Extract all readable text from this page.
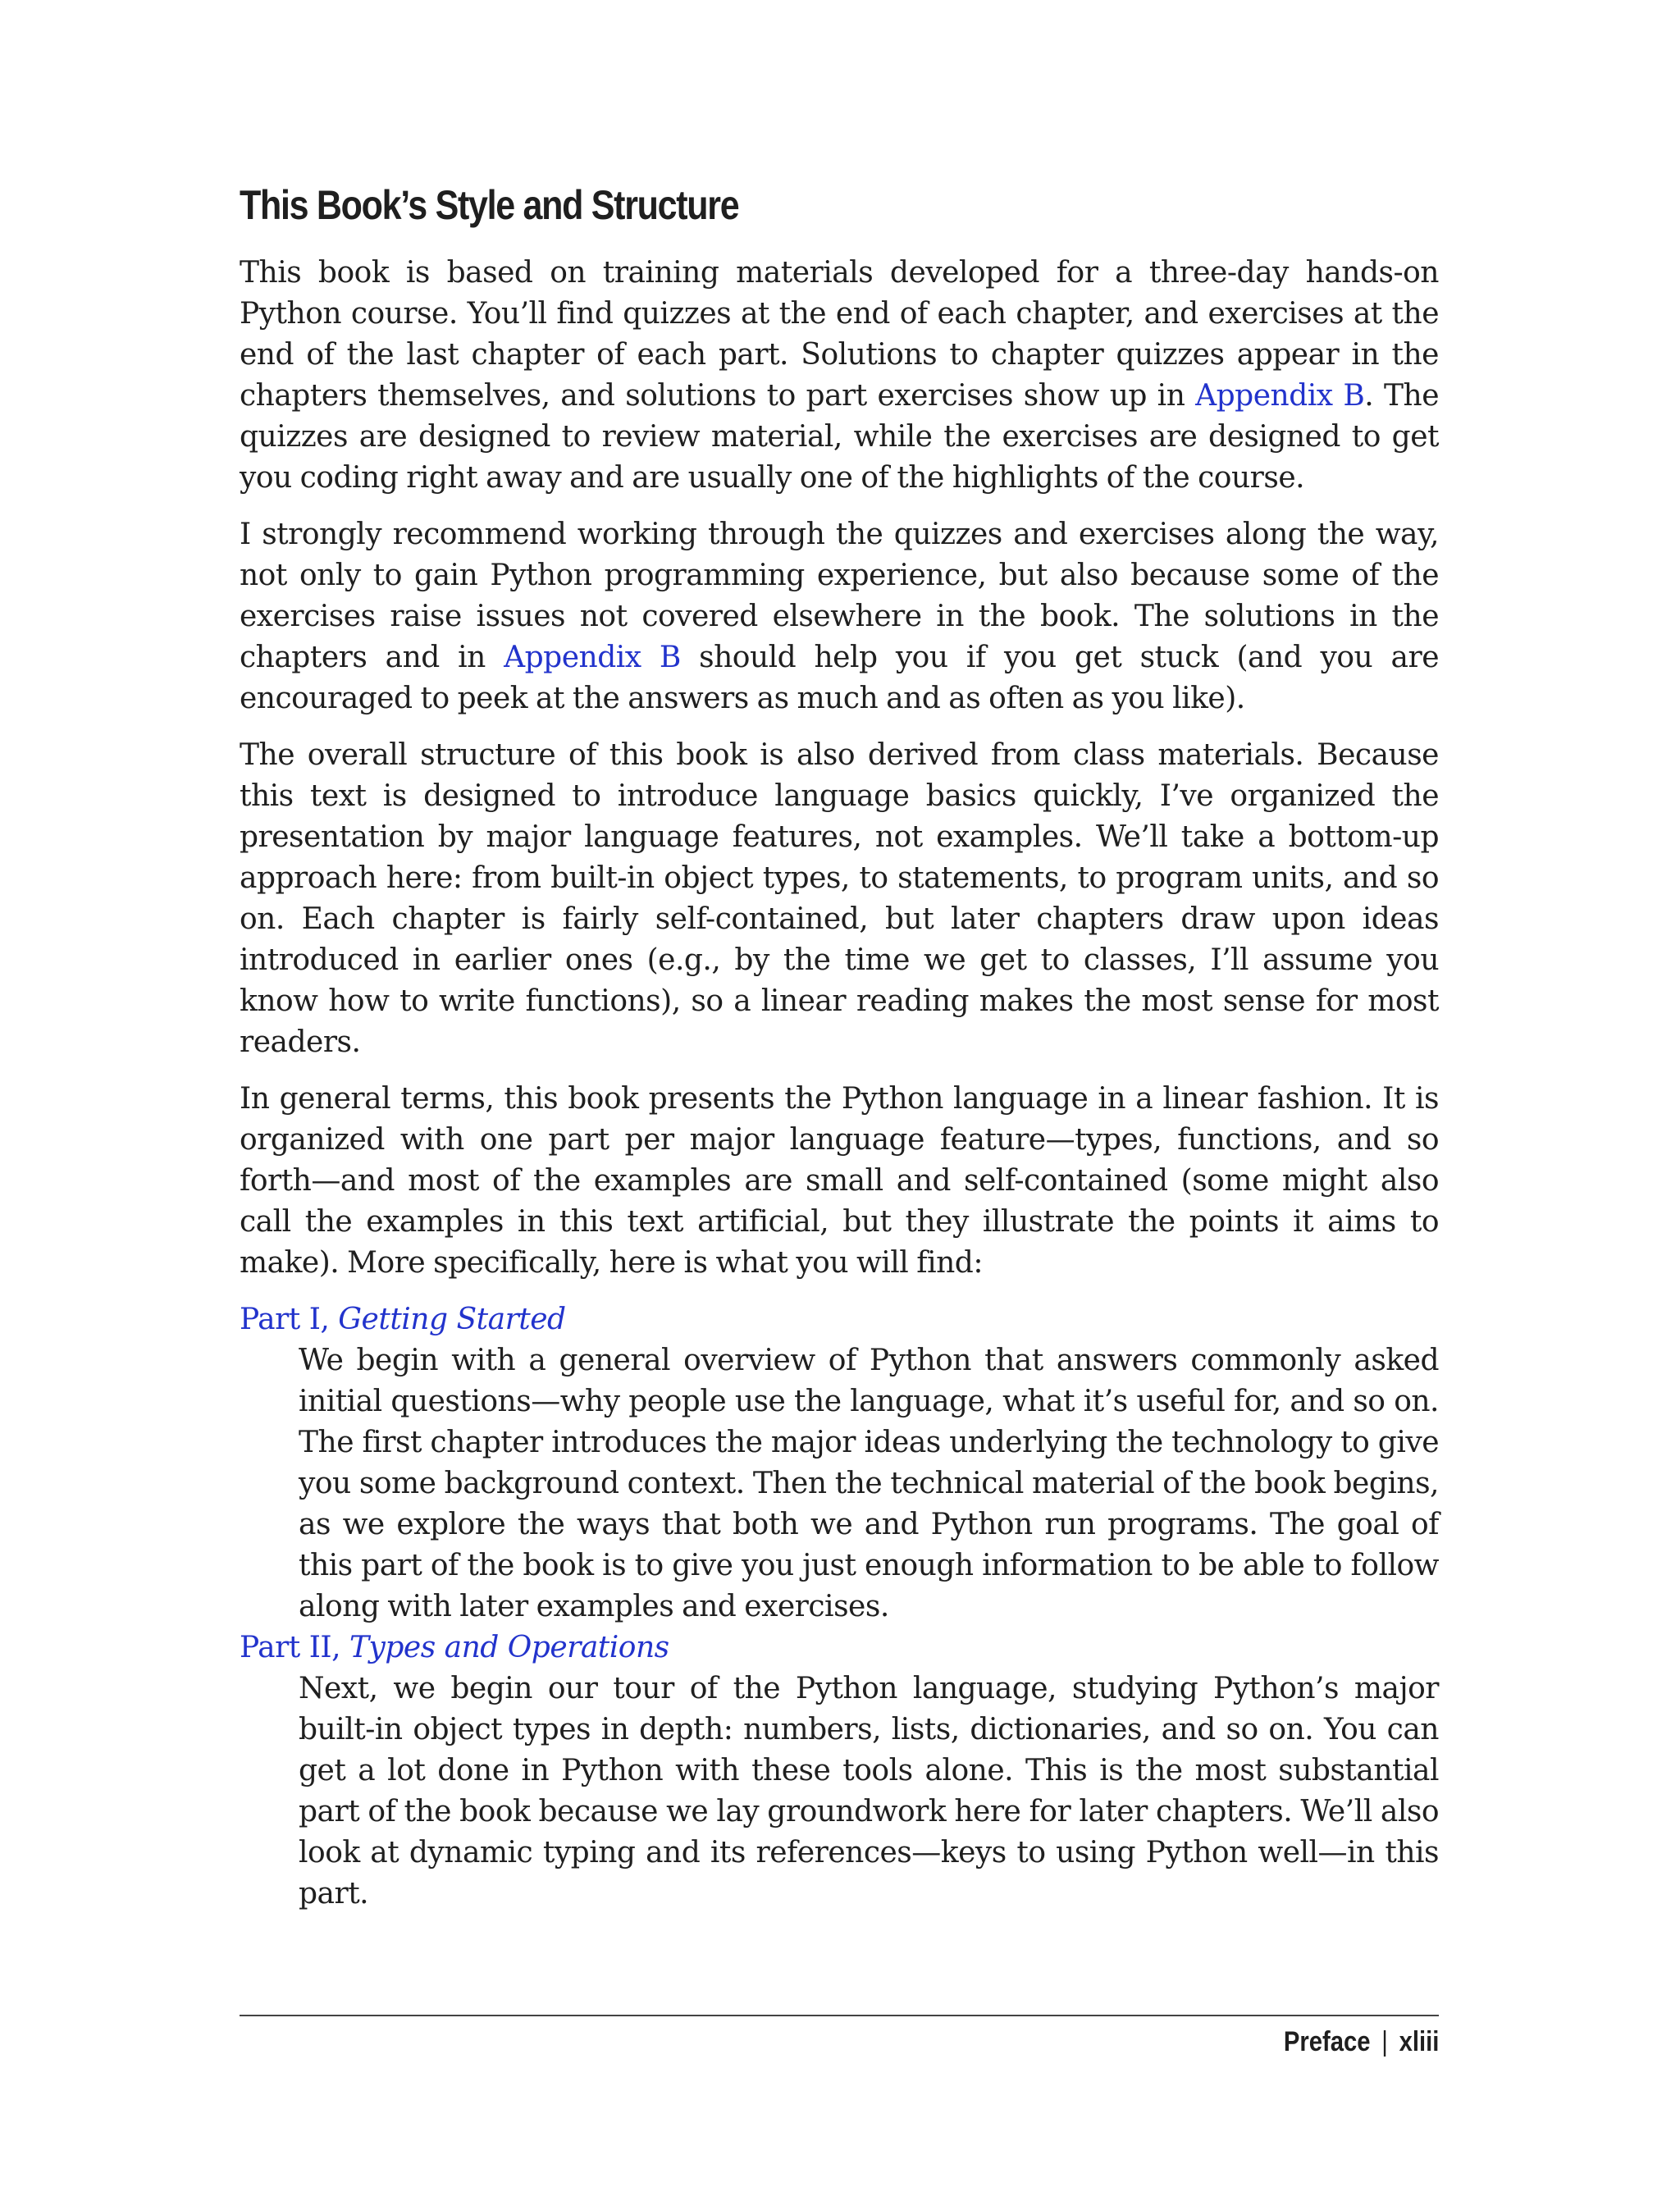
This Book’s Style and Structure

This book is based on training materials developed for a three-day hands-on Python course. You’ll find quizzes at the end of each chapter, and exercises at the end of the last chapter of each part. Solutions to chapter quizzes appear in the chapters themselves, and solutions to part exercises show up in Appendix B. The quizzes are designed to review material, while the exercises are designed to get you coding right away and are usually one of the highlights of the course.

I strongly recommend working through the quizzes and exercises along the way, not only to gain Python programming experience, but also because some of the exercises raise issues not covered elsewhere in the book. The solutions in the chapters and in Appendix B should help you if you get stuck (and you are encouraged to peek at the answers as much and as often as you like).

The overall structure of this book is also derived from class materials. Because this text is designed to introduce language basics quickly, I’ve organized the presentation by major language features, not examples. We’ll take a bottom-up approach here: from built-in object types, to statements, to program units, and so on. Each chapter is fairly self-contained, but later chapters draw upon ideas introduced in earlier ones (e.g., by the time we get to classes, I’ll assume you know how to write functions), so a linear reading makes the most sense for most readers.

In general terms, this book presents the Python language in a linear fashion. It is organized with one part per major language feature—types, functions, and so forth—and most of the examples are small and self-contained (some might also call the examples in this text artificial, but they illustrate the points it aims to make). More specifically, here is what you will find:

Part I, Getting Started

We begin with a general overview of Python that answers commonly asked initial questions—why people use the language, what it’s useful for, and so on. The first chapter introduces the major ideas underlying the technology to give you some background context. Then the technical material of the book begins, as we explore the ways that both we and Python run programs. The goal of this part of the book is to give you just enough information to be able to follow along with later examples and exercises.

Part II, Types and Operations

Next, we begin our tour of the Python language, studying Python’s major built-in object types in depth: numbers, lists, dictionaries, and so on. You can get a lot done in Python with these tools alone. This is the most substantial part of the book because we lay groundwork here for later chapters. We’ll also look at dynamic typing and its references—keys to using Python well—in this part.

Preface | xliii
